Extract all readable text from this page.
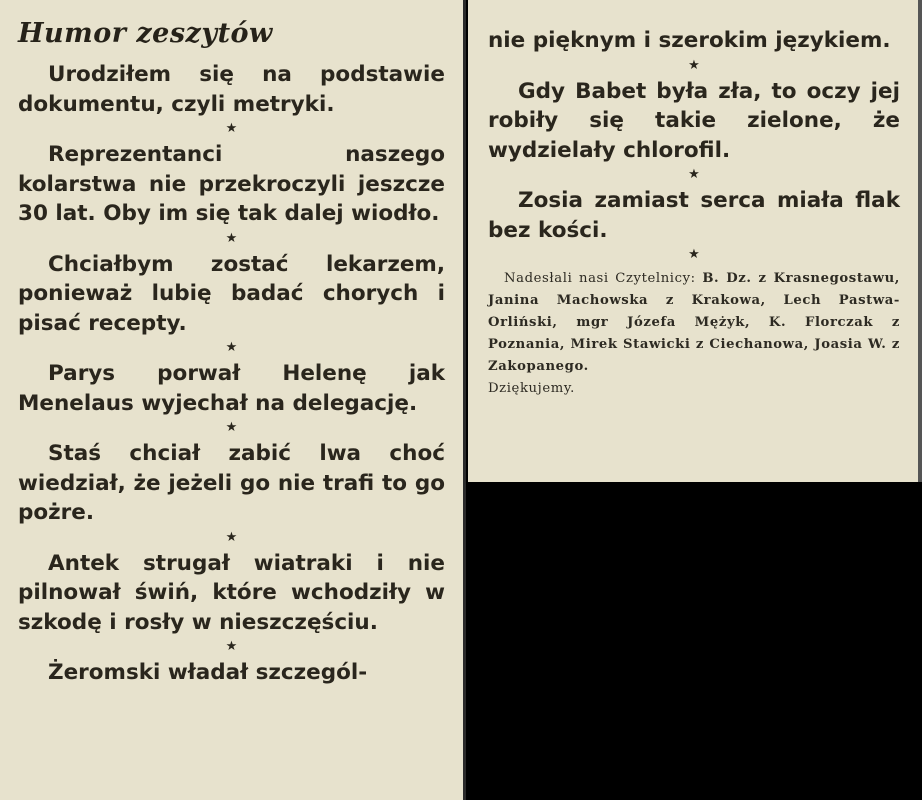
Humor zeszytów

Urodziłem się na podstawie dokumentu, czyli metryki.

★

Reprezentanci naszego kolarstwa nie przekroczyli jeszcze 30 lat. Oby im się tak dalej wiodło.

★

Chciałbym zostać lekarzem, ponieważ lubię badać chorych i pisać recepty.

★

Parys porwał Helenę jak Menelaus wyjechał na delegację.

★

Staś chciał zabić lwa choć wiedział, że jeżeli go nie trafi to go pożre.

★

Antek strugał wiatraki i nie pilnował świń, które wchodziły w szkodę i rosły w nieszczęściu.

★

Żeromski władał szczegól-

nie pięknym i szerokim językiem.

★

Gdy Babet była zła, to oczy jej robiły się takie zielone, że wydzielały chlorofil.

★

Zosia zamiast serca miała flak bez kości.

★

Nadesłali nasi Czytelnicy: B. Dz. z Krasnegostawu, Janina Machowska z Krakowa, Lech Pastwa-Orliński, mgr Józefa Mężyk, K. Florczak z Poznania, Mirek Stawicki z Ciechanowa, Joasia W. z Zakopanego.
Dziękujemy.
